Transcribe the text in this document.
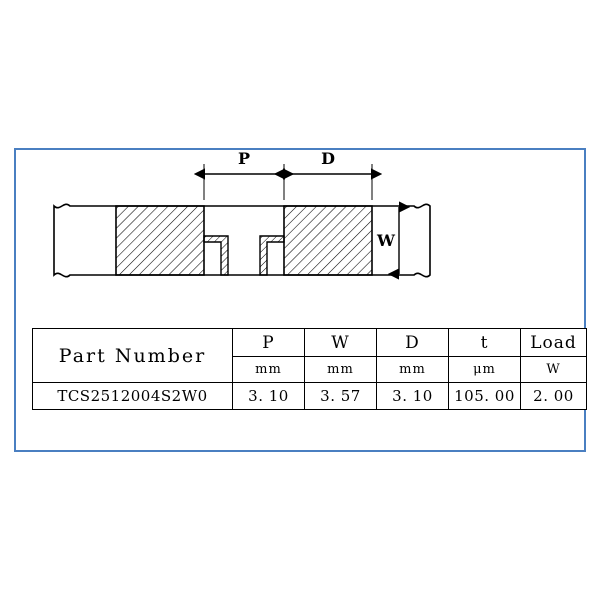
P	D
W
Part Number	P	W	D	t	Load
	mm	mm	mm	μm	W
TCS2512004S2W0	3. 10	3. 57	3. 10	105. 00	2. 00
